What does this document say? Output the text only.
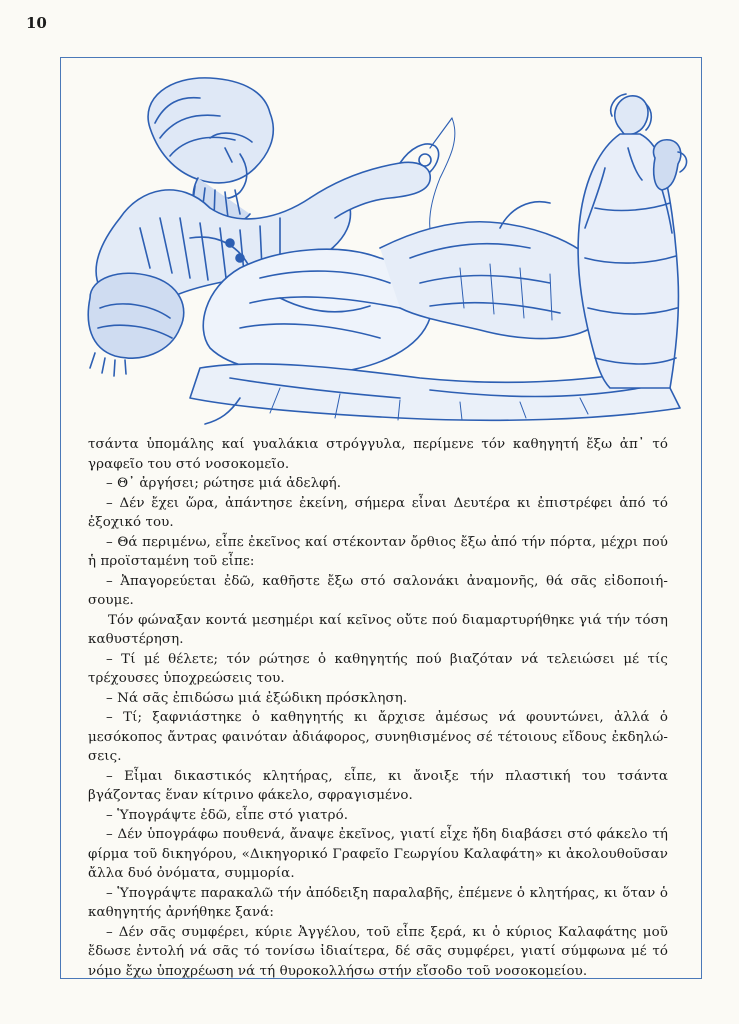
10

τσάντα ὑπομάλης καί γυαλάκια στρόγγυλα, περίμενε τόν καθηγητή ἔξω ἀπ᾽ τό γραφεῖο του στό νοσοκομεῖο.

– Θ᾽ ἀργήσει; ρώτησε μιά ἀδελφή.

– Δέν ἔχει ὥρα, ἀπάντησε ἐκείνη, σήμερα εἶναι Δευτέρα κι ἐπιστρέφει ἀπό τό ἐξοχικό του.

– Θά περιμένω, εἶπε ἐκεῖνος καί στέκονταν ὄρθιος ἔξω ἀπό τήν πόρτα, μέχρι πού ἡ προϊσταμένη τοῦ εἶπε:

– Ἀπαγορεύεται ἐδῶ, καθῆστε ἔξω στό σαλονάκι ἀναμονῆς, θά σᾶς εἰδοποιή-σουμε.

Τόν φώναξαν κοντά μεσημέρι καί κεῖνος οὔτε πού διαμαρτυρήθηκε γιά τήν τόση καθυστέρηση.

– Τί μέ θέλετε; τόν ρώτησε ὁ καθηγητής πού βιαζόταν νά τελειώσει μέ τίς τρέχουσες ὑποχρεώσεις του.

– Νά σᾶς ἐπιδώσω μιά ἐξώδικη πρόσκληση.

– Τί; ξαφνιάστηκε ὁ καθηγητής κι ἄρχισε ἀμέσως νά φουντώνει, ἀλλά ὁ μεσόκοπος ἄντρας φαινόταν ἀδιάφορος, συνηθισμένος σέ τέτοιους εἴδους ἐκδηλώ-σεις.

– Εἶμαι δικαστικός κλητήρας, εἶπε, κι ἄνοιξε τήν πλαστική του τσάντα βγάζοντας ἕναν κίτρινο φάκελο, σφραγισμένο.

– Ὑπογράψτε ἐδῶ, εἶπε στό γιατρό.

– Δέν ὑπογράφω πουθενά, ἄναψε ἐκεῖνος, γιατί εἶχε ἤδη διαβάσει στό φάκελο τή φίρμα τοῦ δικηγόρου, «Δικηγορικό Γραφεῖο Γεωργίου Καλαφάτη» κι ἀκολουθοῦσαν ἄλλα δυό ὀνόματα, συμμορία.

– Ὑπογράψτε παρακαλῶ τήν ἀπόδειξη παραλαβῆς, ἐπέμενε ὁ κλητήρας, κι ὅταν ὁ καθηγητής ἀρνήθηκε ξανά:

– Δέν σᾶς συμφέρει, κύριε Ἀγγέλου, τοῦ εἶπε ξερά, κι ὁ κύριος Καλαφάτης μοῦ ἔδωσε ἐντολή νά σᾶς τό τονίσω ἰδιαίτερα, δέ σᾶς συμφέρει, γιατί σύμφωνα μέ τό νόμο ἔχω ὑποχρέωση νά τή θυροκολλήσω στήν εἴσοδο τοῦ νοσοκομείου.
